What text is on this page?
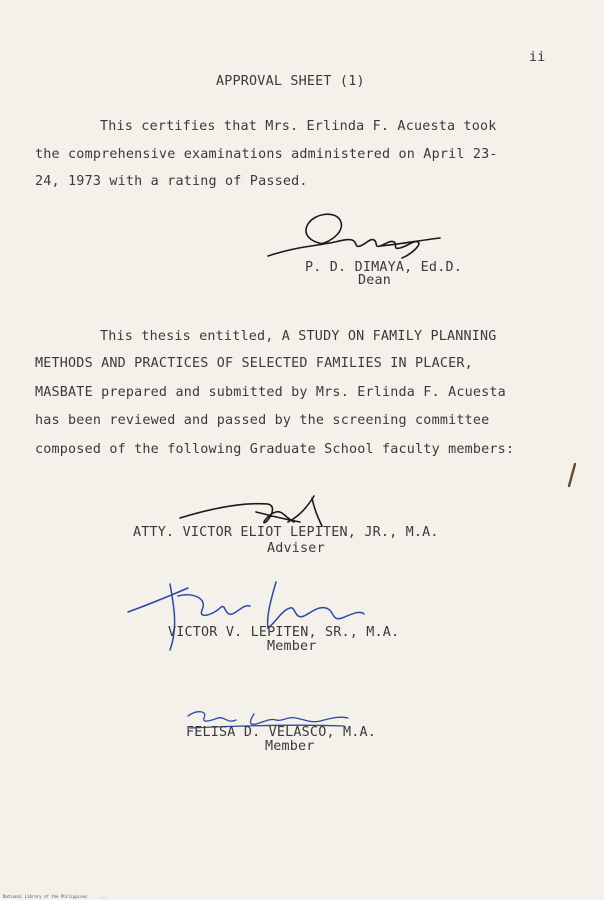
ii
APPROVAL SHEET (1)
This certifies that Mrs. Erlinda F. Acuesta took
the comprehensive examinations administered on April 23-
24, 1973 with a rating of Passed.
P. D. DIMAYA, Ed.D.
Dean
This thesis entitled, A STUDY ON FAMILY PLANNING
METHODS AND PRACTICES OF SELECTED FAMILIES IN PLACER,
MASBATE prepared and submitted by Mrs. Erlinda F. Acuesta
has been reviewed and passed by the screening committee
composed of the following Graduate School faculty members:
ATTY. VICTOR ELIOT LEPITEN, JR., M.A.
Adviser
VICTOR V. LEPITEN, SR., M.A.
Member
FELISA D. VELASCO, M.A.
Member
National Library of the Philippines     ...
